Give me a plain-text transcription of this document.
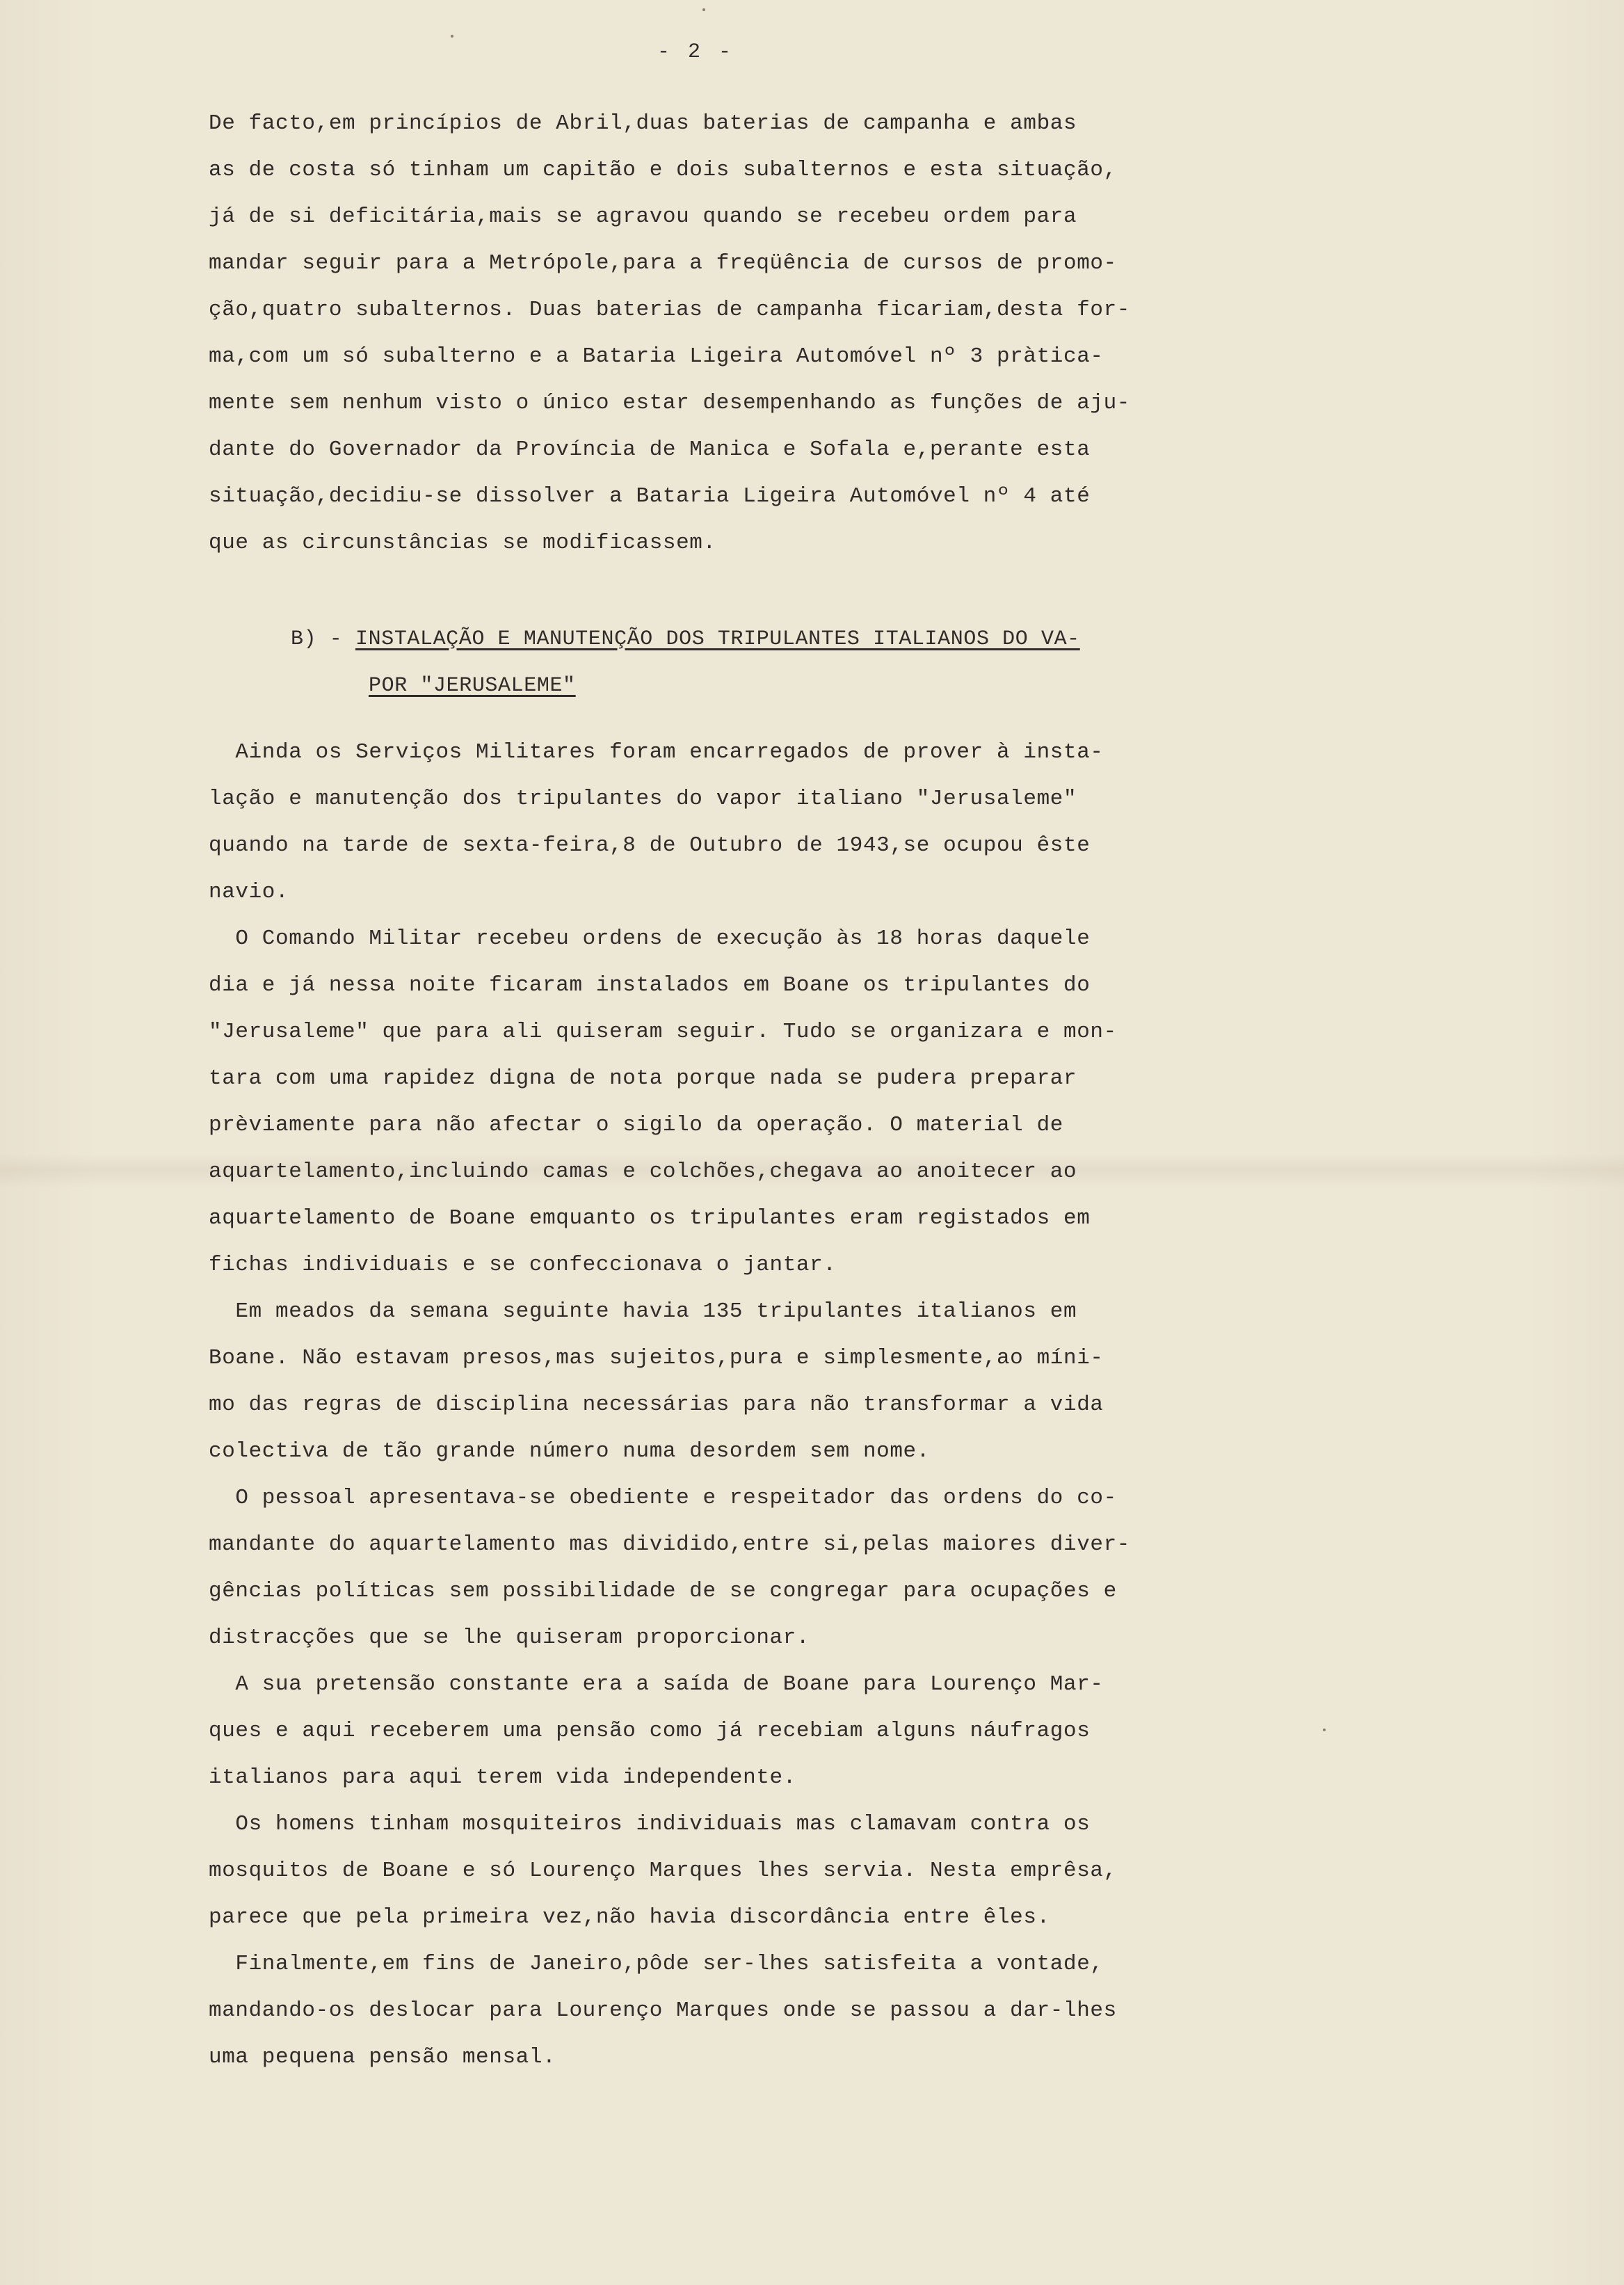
- 2 -
De facto,em princípios de Abril,duas baterias de campanha e ambas
as de costa só tinham um capitão e dois subalternos e esta situação,
já de si deficitária,mais se agravou quando se recebeu ordem para
mandar seguir para a Metrópole,para a freqüência de cursos de promo-
ção,quatro subalternos. Duas baterias de campanha ficariam,desta for-
ma,com um só subalterno e a Bataria Ligeira Automóvel nº 3 pràtica-
mente sem nenhum visto o único estar desempenhando as funções de aju-
dante do Governador da Província de Manica e Sofala e,perante esta
situação,decidiu-se dissolver a Bataria Ligeira Automóvel nº 4 até
que as circunstâncias se modificassem.
B) - INSTALAÇÃO E MANUTENÇÃO DOS TRIPULANTES ITALIANOS DO VA-
POR "JERUSALEME"
Ainda os Serviços Militares foram encarregados de prover à insta-
lação e manutenção dos tripulantes do vapor italiano "Jerusaleme"
quando na tarde de sexta-feira,8 de Outubro de 1943,se ocupou êste
navio.
O Comando Militar recebeu ordens de execução às 18 horas daquele
dia e já nessa noite ficaram instalados em Boane os tripulantes do
"Jerusaleme" que para ali quiseram seguir. Tudo se organizara e mon-
tara com uma rapidez digna de nota porque nada se pudera preparar
prèviamente para não afectar o sigilo da operação. O material de
aquartelamento,incluindo camas e colchões,chegava ao anoitecer ao
aquartelamento de Boane emquanto os tripulantes eram registados em
fichas individuais e se confeccionava o jantar.
Em meados da semana seguinte havia 135 tripulantes italianos em
Boane. Não estavam presos,mas sujeitos,pura e simplesmente,ao míni-
mo das regras de disciplina necessárias para não transformar a vida
colectiva de tão grande número numa desordem sem nome.
O pessoal apresentava-se obediente e respeitador das ordens do co-
mandante do aquartelamento mas dividido,entre si,pelas maiores diver-
gências políticas sem possibilidade de se congregar para ocupações e
distracções que se lhe quiseram proporcionar.
A sua pretensão constante era a saída de Boane para Lourenço Mar-
ques e aqui receberem uma pensão como já recebiam alguns náufragos
italianos para aqui terem vida independente.
Os homens tinham mosquiteiros individuais mas clamavam contra os
mosquitos de Boane e só Lourenço Marques lhes servia. Nesta emprêsa,
parece que pela primeira vez,não havia discordância entre êles.
Finalmente,em fins de Janeiro,pôde ser-lhes satisfeita a vontade,
mandando-os deslocar para Lourenço Marques onde se passou a dar-lhes
uma pequena pensão mensal.
